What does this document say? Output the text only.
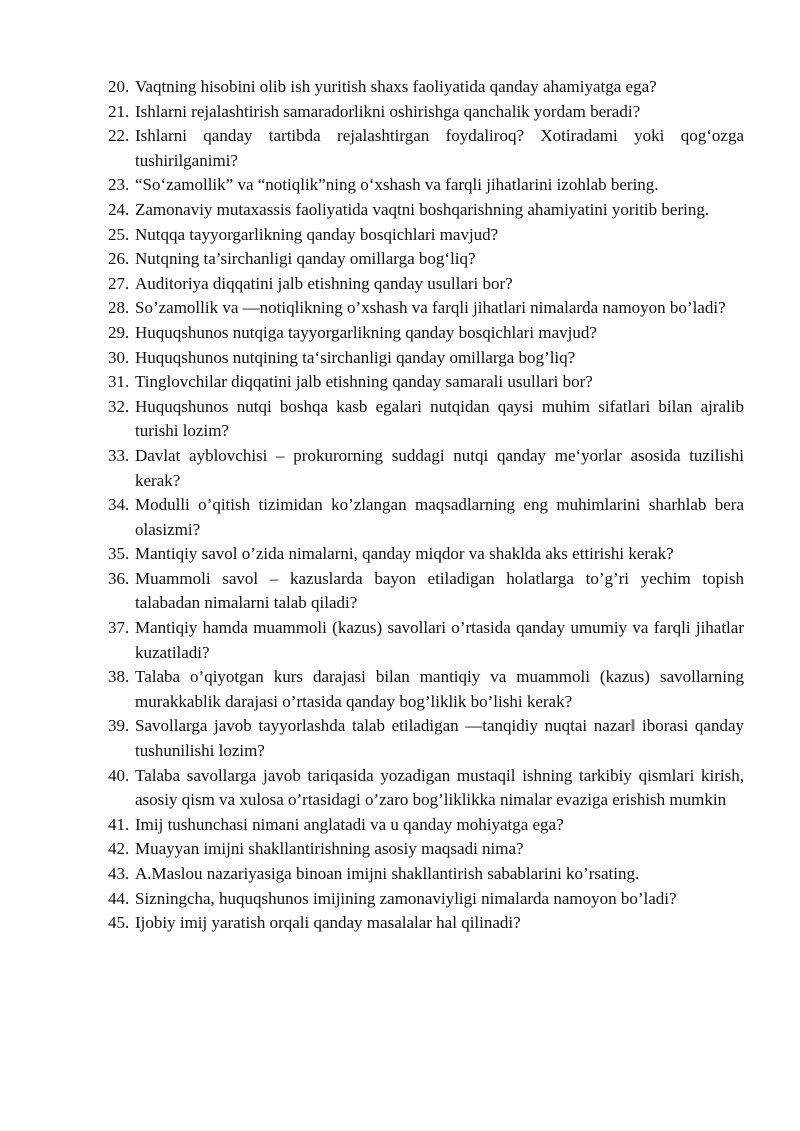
20. Vaqtning hisobini olib ish yuritish shaxs faoliyatida qanday ahamiyatga ega?
21. Ishlarni rejalashtirish samaradorlikni oshirishga qanchalik yordam beradi?
22. Ishlarni qanday tartibda rejalashtirgan foydaliroq? Xotiradami yoki qog‘ozga tushirilganimi?
23. “So‘zamollik” va “notiqlik”ning o‘xshash va farqli jihatlarini izohlab bering.
24. Zamonaviy mutaxassis faoliyatida vaqtni boshqarishning ahamiyatini yoritib bering.
25. Nutqqa tayyorgarlikning qanday bosqichlari mavjud?
26. Nutqning ta’sirchanligi qanday omillarga bog‘liq?
27. Auditoriya diqqatini jalb etishning qanday usullari bor?
28. So’zamollik va ―notiqlikning o’xshash va farqli jihatlari nimalarda namoyon bo’ladi?
29. Huquqshunos nutqiga tayyorgarlikning qanday bosqichlari mavjud?
30. Huquqshunos nutqining ta‘sirchanligi qanday omillarga bog’liq?
31. Tinglovchilar diqqatini jalb etishning qanday samarali usullari bor?
32. Huquqshunos nutqi boshqa kasb egalari nutqidan qaysi muhim sifatlari bilan ajralib turishi lozim?
33. Davlat ayblovchisi – prokurorning suddagi nutqi qanday me‘yorlar asosida tuzilishi kerak?
34. Modulli o’qitish tizimidan ko’zlangan maqsadlarning eng muhimlarini sharhlab bera olasizmi?
35. Mantiqiy savol o’zida nimalarni, qanday miqdor va shaklda aks ettirishi kerak?
36. Muammoli savol – kazuslarda bayon etiladigan holatlarga to’g’ri yechim topish talabadan nimalarni talab qiladi?
37. Mantiqiy hamda muammoli (kazus) savollari o’rtasida qanday umumiy va farqli jihatlar kuzatiladi?
38. Talaba o’qiyotgan kurs darajasi bilan mantiqiy va muammoli (kazus) savollarning murakkablik darajasi o’rtasida qanday bog’liklik bo’lishi kerak?
39. Savollarga javob tayyorlashda talab etiladigan ―tanqidiy nuqtai nazar‖ iborasi qanday tushunilishi lozim?
40. Talaba savollarga javob tariqasida yozadigan mustaqil ishning tarkibiy qismlari kirish, asosiy qism va xulosa o’rtasidagi o’zaro bog’liklikka nimalar evaziga erishish mumkin
41. Imij tushunchasi nimani anglatadi va u qanday mohiyatga ega?
42. Muayyan imijni shakllantirishning asosiy maqsadi nima?
43. A.Maslou nazariyasiga binoan imijni shakllantirish sabablarini ko’rsating.
44. Sizningcha, huquqshunos imijining zamonaviyligi nimalarda namoyon bo’ladi?
45. Ijobiy imij yaratish orqali qanday masalalar hal qilinadi?
